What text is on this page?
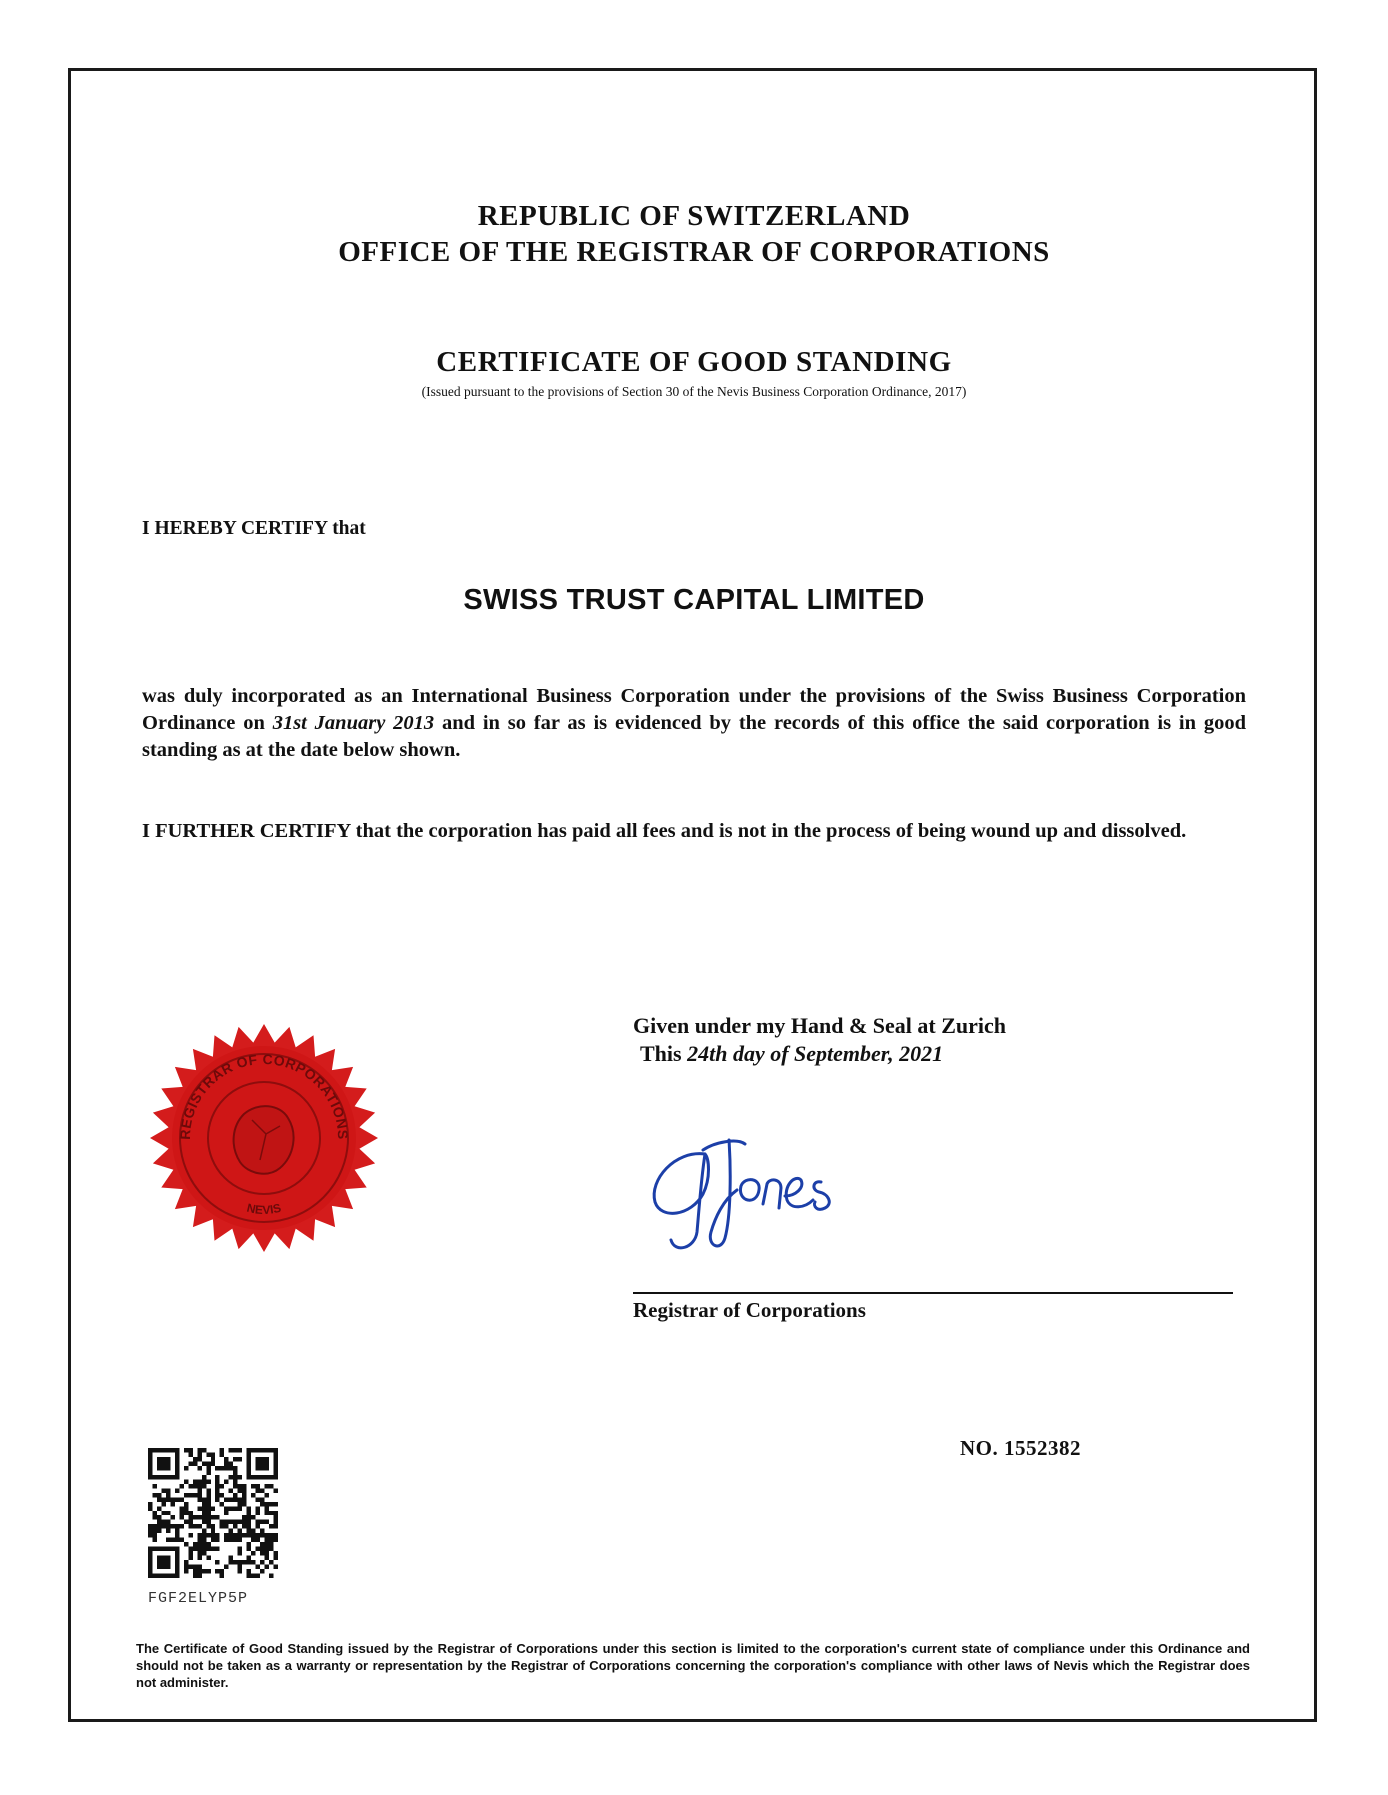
REPUBLIC OF SWITZERLAND
OFFICE OF THE REGISTRAR OF CORPORATIONS
CERTIFICATE OF GOOD STANDING
(Issued pursuant to the provisions of Section 30 of the Nevis Business Corporation Ordinance, 2017)
I HEREBY CERTIFY that
SWISS TRUST CAPITAL LIMITED
was duly incorporated as an International Business Corporation under the provisions of the Swiss Business Corporation Ordinance on 31st January 2013 and in so far as is evidenced by the records of this office the said corporation is in good standing as at the date below shown.
I FURTHER CERTIFY that the corporation has paid all fees and is not in the process of being wound up and dissolved.
REGISTRAR OF CORPORATIONS
NEVIS
Given under my Hand & Seal at Zurich
This 24th day of September, 2021
Registrar of Corporations
NO. 1552382
FGF2ELYP5P
The Certificate of Good Standing issued by the Registrar of Corporations under this section is limited to the corporation's current state of compliance under this Ordinance and should not be taken as a warranty or representation by the Registrar of Corporations concerning the corporation's compliance with other laws of Nevis which the Registrar does not administer.
